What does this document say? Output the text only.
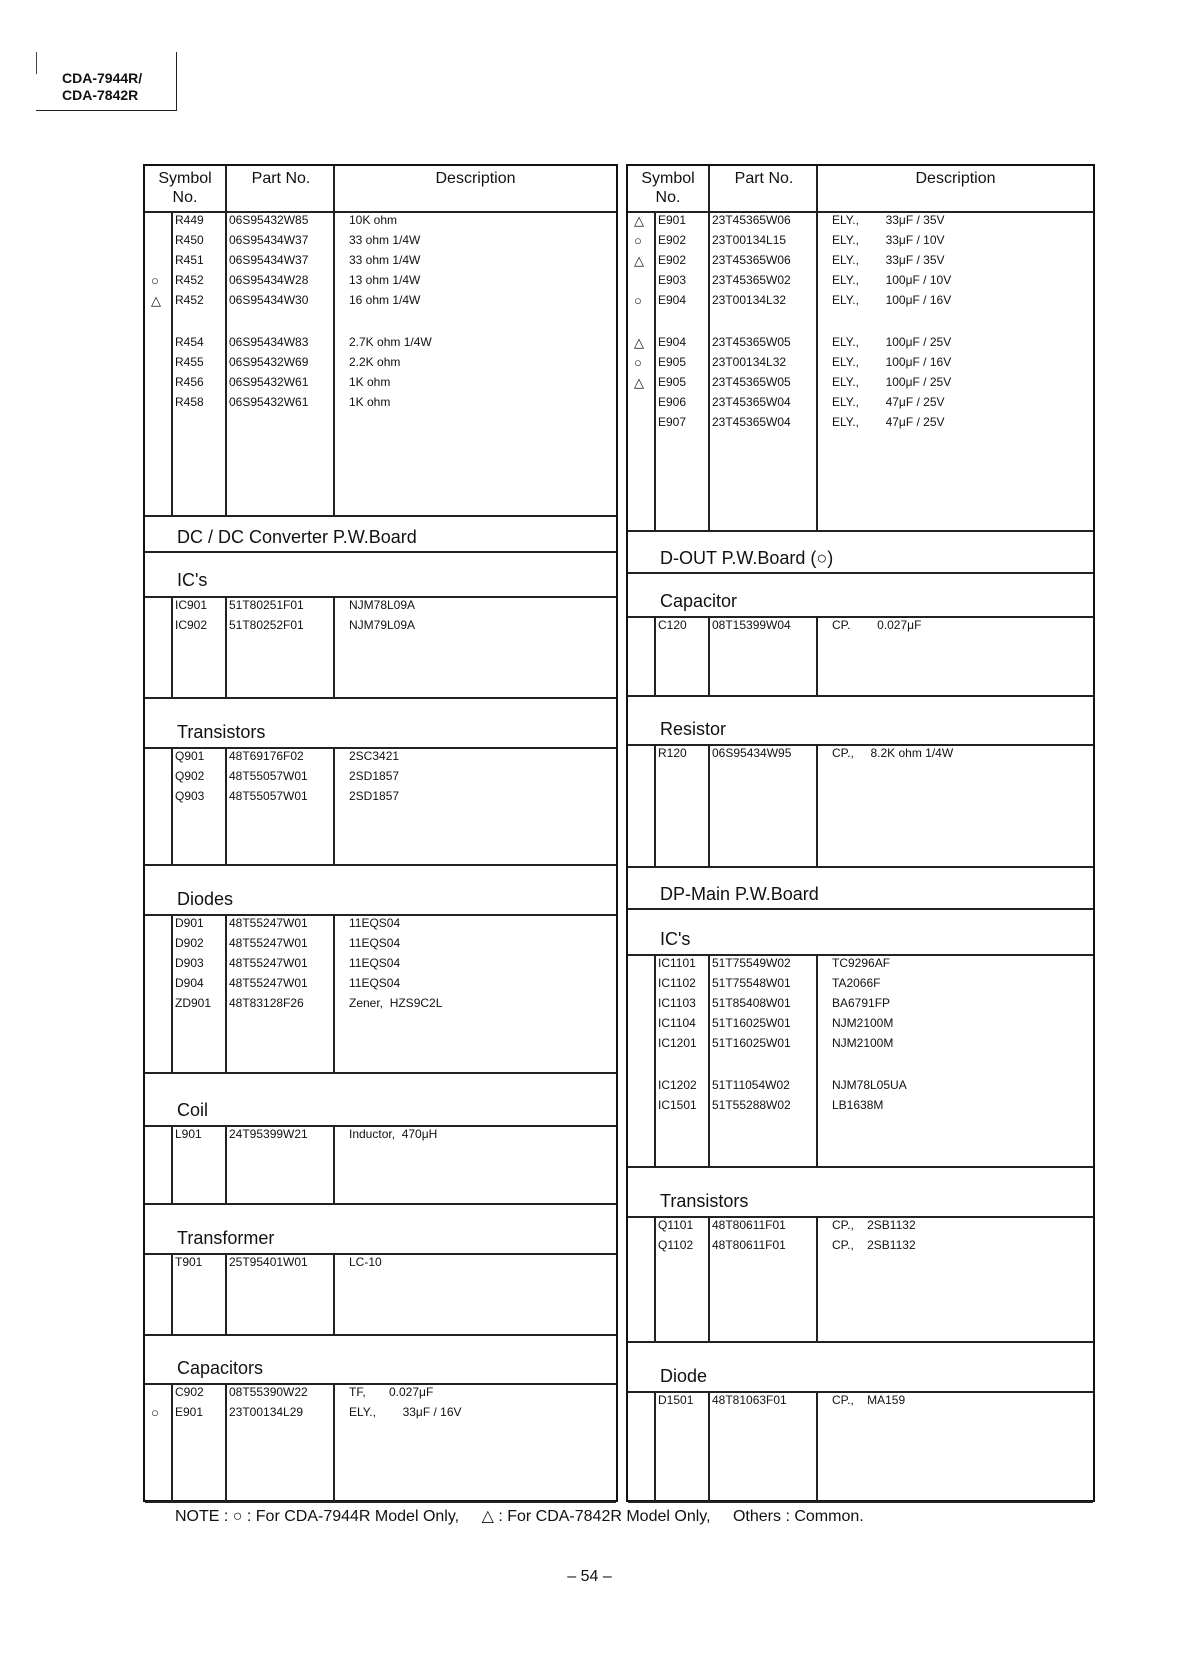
CDA-7944R/
CDA-7842R
Symbol
No.
Part No.	Description
R449 06S95432W85	10K ohm
R450 06S95434W37	33 ohm 1/4W
R451 06S95434W37	33 ohm 1/4W
○ R452 06S95434W28	13 ohm 1/4W
△ R452 06S95434W30	16 ohm 1/4W
R454 06S95434W83	2.7K ohm 1/4W
R455 06S95432W69	2.2K ohm
R456 06S95432W61	1K ohm
R458 06S95432W61	1K ohm
DC / DC Converter P.W.Board
IC's
IC901 51T80251F01	NJM78L09A
IC902 51T80252F01	NJM79L09A
Transistors
Q901 48T69176F02	2SC3421
Q902 48T55057W01	2SD1857
Q903 48T55057W01	2SD1857
Diodes
D901 48T55247W01	11EQS04
D902 48T55247W01	11EQS04
D903 48T55247W01	11EQS04
D904 48T55247W01	11EQS04
ZD901 48T83128F26	Zener,  HZS9C2L
Coil
L901 24T95399W21	Inductor,  470μH
Transformer
T901 25T95401W01	LC-10
Capacitors
C902 08T55390W22	TF,       0.027μF
○ E901 23T00134L29	ELY.,        33μF / 16V
Symbol
No.
Part No.	Description
△ E901 23T45365W06	ELY.,        33μF / 35V
○ E902 23T00134L15	ELY.,        33μF / 10V
△ E902 23T45365W06	ELY.,        33μF / 35V
E903 23T45365W02	ELY.,        100μF / 10V
○ E904 23T00134L32	ELY.,        100μF / 16V
△ E904 23T45365W05	ELY.,        100μF / 25V
○ E905 23T00134L32	ELY.,        100μF / 16V
△ E905 23T45365W05	ELY.,        100μF / 25V
E906 23T45365W04	ELY.,        47μF / 25V
E907 23T45365W04	ELY.,        47μF / 25V
D-OUT P.W.Board (○)
Capacitor
C120 08T15399W04	CP.        0.027μF
Resistor
R120 06S95434W95	CP.,     8.2K ohm 1/4W
DP-Main P.W.Board
IC's
IC1101 51T75549W02	TC9296AF
IC1102 51T75548W01	TA2066F
IC1103 51T85408W01	BA6791FP
IC1104 51T16025W01	NJM2100M
IC1201 51T16025W01	NJM2100M
IC1202 51T11054W02	NJM78L05UA
IC1501 51T55288W02	LB1638M
Transistors
Q1101 48T80611F01	CP.,    2SB1132
Q1102 48T80611F01	CP.,    2SB1132
Diode
D1501 48T81063F01	CP.,    MA159
NOTE : ○ : For CDA-7944R Model Only, △ : For CDA-7842R Model Only, Others : Common.
– 54 –
